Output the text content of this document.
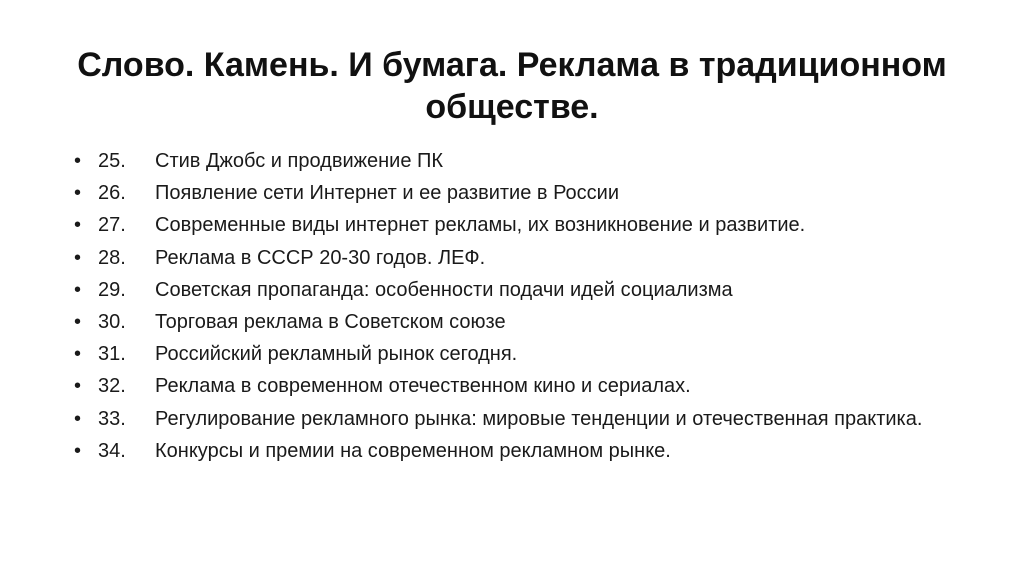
Слово. Камень. И бумага. Реклама в традиционном обществе.
• 25. Стив Джобс и продвижение ПК
• 26. Появление сети Интернет и ее развитие в России
• 27. Современные виды интернет рекламы, их возникновение и развитие.
• 28. Реклама в СССР 20-30 годов. ЛЕФ.
• 29. Советская пропаганда: особенности подачи идей социализма
• 30. Торговая реклама в Советском союзе
• 31. Российский рекламный рынок сегодня.
• 32. Реклама в современном отечественном кино и сериалах.
• 33. Регулирование рекламного рынка: мировые тенденции и отечественная практика.
• 34. Конкурсы и премии на современном рекламном рынке.
